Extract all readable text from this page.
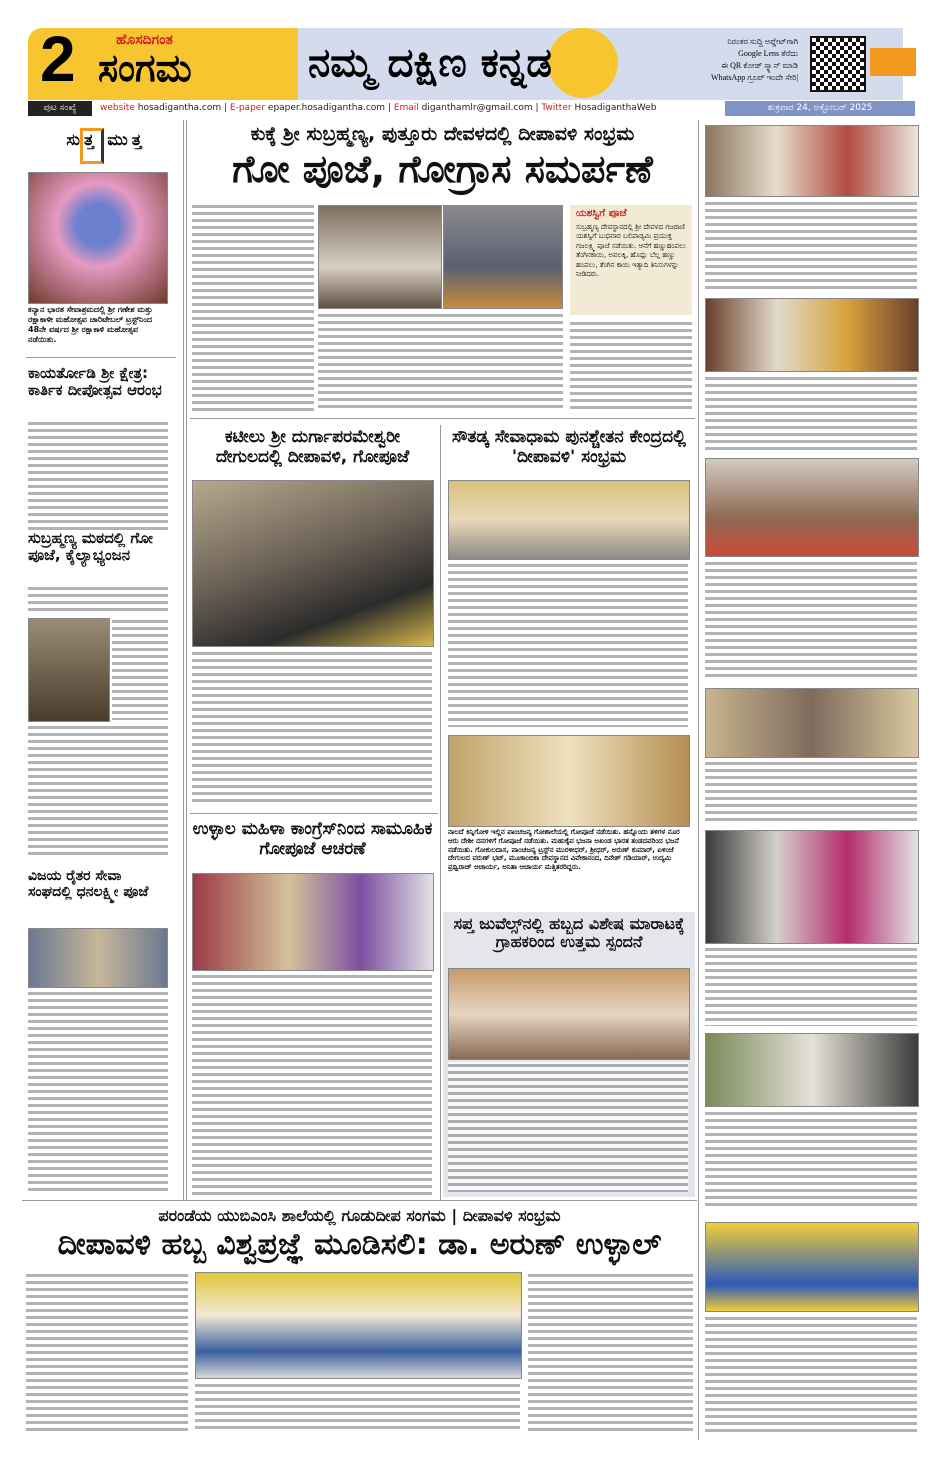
2	ಹೊಸದಿಗಂತ
ಸಂಗಮ	ನಮ್ಮ ದಕ್ಷಿಣ ಕನ್ನಡ	ನಿರಂತರ ಸುದ್ದಿ ಅಪ್ಡೇಟ್‌ಗಾಗಿ
Google Lens ತೆರೆದು
ಈ QR ಕೋಡ್ ಸ್ಕ್ಯಾನ್ ಮಾಡಿ
WhatsApp ಗ್ರೂಪ್ ಇಂದೇ ಸೇರಿ|
ಪುಟ ಸಂಖ್ಯೆ	website hosadigantha.com | E-paper epaper.hosadigantha.com | Email diganthamlr@gmail.com | Twitter HosadiganthaWeb	ಶುಕ್ರವಾರ 24, ಅಕ್ಟೋಬರ್ 2025
ಸುತ್ತ ಮುತ್ತ
ಕನ್ಯಾನ ಭಾರತ ಸೇವಾಶ್ರಮದಲ್ಲಿ ಶ್ರೀ ಗಣೇಶ ಮತ್ತು ರಕ್ಷಾಕಾಳೀ ಮಹೋತ್ಸವ ಚಾರಿಟೇಬಲ್ ಟ್ರಸ್ಟ್‌ನಿಂದ 48ನೇ ವರ್ಷದ ಶ್ರೀ ರಕ್ಷಾಕಾಳಿ ಮಹೋತ್ಸವ ನಡೆಯಿತು.
ಕಾಯರ್ತೋಡಿ ಶ್ರೀ ಕ್ಷೇತ್ರ: ಕಾರ್ತಿಕ ದೀಪೋತ್ಸವ ಆರಂಭ
ಸುಬ್ರಹ್ಮಣ್ಯ ಮಠದಲ್ಲಿ ಗೋ ಪೂಜೆ, ಕೈಲ್ಯಾಭ್ಯಂಜನ
ವಿಜಯ ರೈತರ ಸೇವಾ ಸಂಘದಲ್ಲಿ ಧನಲಕ್ಷ್ಮೀ ಪೂಜೆ
ಕುಕ್ಕೆ ಶ್ರೀ ಸುಬ್ರಹ್ಮಣ್ಯ, ಪುತ್ತೂರು ದೇವಳದಲ್ಲಿ ದೀಪಾವಳಿ ಸಂಭ್ರಮ
ಗೋ ಪೂಜೆ, ಗೋಗ್ರಾಸ ಸಮರ್ಪಣೆ
ಯಶಸ್ವಿಗೆ ಪೂಜೆ
ಸುಬ್ರಹ್ಮಣ್ಯ ದೇವಸ್ಥಾನದಲ್ಲಿ ಶ್ರೀ ದೇವಳದ ಗಜರಾಣಿ ಯಶಸ್ವಿಗೆ ಬುಧವಾರ ಬಲಿಪಾಡ್ಯಮಿ ಪ್ರಯುಕ್ತ ಗಜಲಕ್ಷ್ಮಿ ಪೂಜೆ ನಡೆಯಿತು. ಆನೆಗೆ ಹಣ್ಣುಹಂಪಲು ತೆಂಗಿನಕಾಯಿ, ಅವಲಕ್ಕಿ, ಹೊದ್ಲು ಬೆಲ್ಲ ಹಣ್ಣು ಹಂಪಲು, ತೆಂಗಿನ ಕಾಯಿ ಇತ್ಯಾದಿ ತಿನಿಸುಗಳನ್ನು ನೀಡಿದರು.
ಕಟೀಲು ಶ್ರೀ ದುರ್ಗಾಪರಮೇಶ್ವರೀ ದೇಗುಲದಲ್ಲಿ ದೀಪಾವಳಿ, ಗೋಪೂಜೆ
ಸೌತಡ್ಕ ಸೇವಾಧಾಮ ಪುನಶ್ಚೇತನ ಕೇಂದ್ರದಲ್ಲಿ 'ದೀಪಾವಳಿ' ಸಂಭ್ರಮ
ನಾಲದೆ ಕಿನ್ನಿಗೋಳಿ ಇಲ್ಲಿನ ಪಾಂಚಜನ್ಯ ಗೋಶಾಲೆಯಲ್ಲಿ ಗೋಪೂಜೆ ನಡೆಯಿತು. ಹನ್ನೊಂದು ತಳಿಗಳ ನೂರ ಆರು ದೇಶೀ ದನಗಳಿಗೆ ಗೋಪೂಜೆ ನಡೆಯಿತು. ಮಹುಕೈವ ಭಜನಾ ಅಖಂಡ ಭಾರತ ತಂಡದವರಿಂದ ಭಜನೆ ನಡೆಯಿತು. ಗೋಕುಲದಾಸ, ಪಾಂಚಜನ್ಯ ಟ್ರಸ್ಟ್‌ನ ಮುರಳೀಧರ್, ಶ್ರೀಧರ್, ಅರುಣ್ ಕುಮಾರ್, ಏಳಿಂಜೆ ದೇಗುಲದ ವರುಣ್ ಭಟ್, ಮೂಕಾಂಬಿಕಾ ದೇವಸ್ಥಾನದ ವಿವೇಕಾನಂದ, ದಿನೇಶ್ ಗಡಿಯಾರ್, ಉದ್ಯಮಿ ಪ್ರಥ್ವಿರಾಜ್ ಆಚಾರ್ಯ, ಅನಿತಾ ಆಚಾರ್ಯ ಮತ್ತಿತರರಿದ್ದರು.
ಉಳ್ಳಾಲ ಮಹಿಳಾ ಕಾಂಗ್ರೆಸ್‌ನಿಂದ ಸಾಮೂಹಿಕ ಗೋಪೂಜೆ ಆಚರಣೆ
ಸಪ್ತ ಜುವೆಲ್ಸ್‌ನಲ್ಲಿ ಹಬ್ಬದ ವಿಶೇಷ ಮಾರಾಟಕ್ಕೆ ಗ್ರಾಹಕರಿಂದ ಉತ್ತಮ ಸ್ಪಂದನೆ
ಪರಂಡೆಯ ಯುಬಿಎಂಸಿ ಶಾಲೆಯಲ್ಲಿ ಗೂಡುದೀಪ ಸಂಗಮ | ದೀಪಾವಳಿ ಸಂಭ್ರಮ
ದೀಪಾವಳಿ ಹಬ್ಬ ವಿಶ್ವಪ್ರಜ್ಞೆ ಮೂಡಿಸಲಿ: ಡಾ. ಅರುಣ್ ಉಳ್ಳಾಲ್
